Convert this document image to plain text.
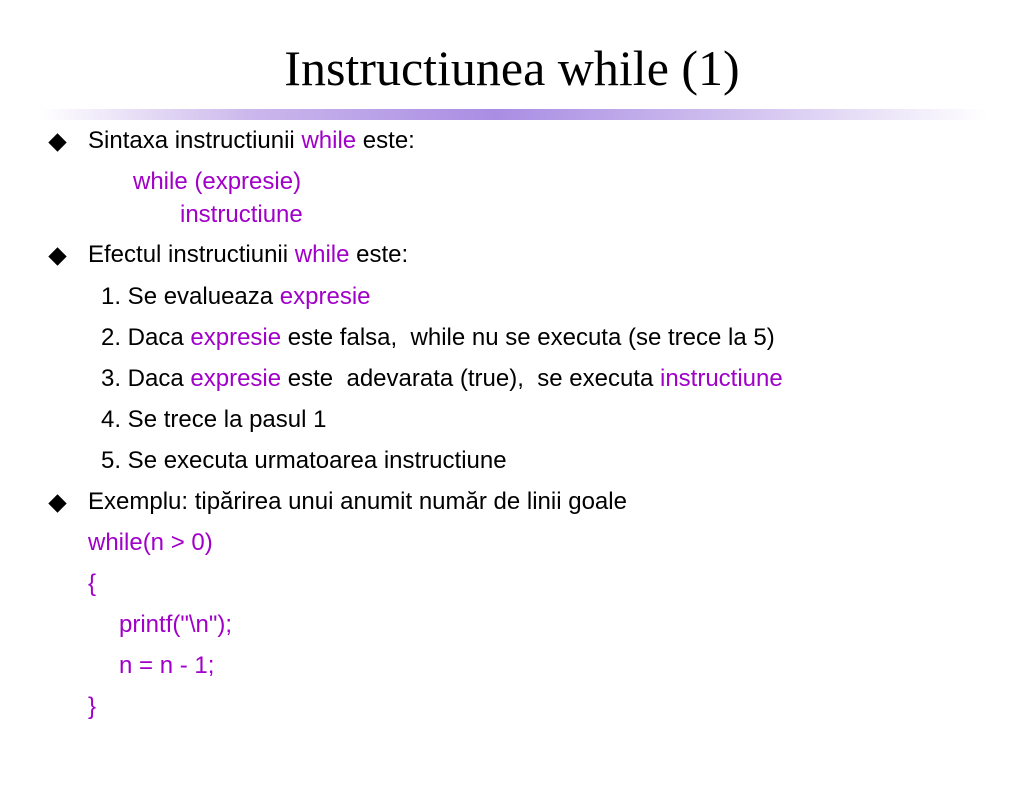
Instructiunea while (1)
Sintaxa instructiunii while este:
while (expresie)
instructiune
Efectul instructiunii while este:
1. Se evalueaza expresie
2. Daca expresie este falsa,  while nu se executa (se trece la 5)
3. Daca expresie este  adevarata (true),  se executa instructiune
4. Se trece la pasul 1
5. Se executa urmatoarea instructiune
Exemplu: tipărirea unui anumit număr de linii goale
while(n > 0)
{
printf("\n");
n = n - 1;
}
